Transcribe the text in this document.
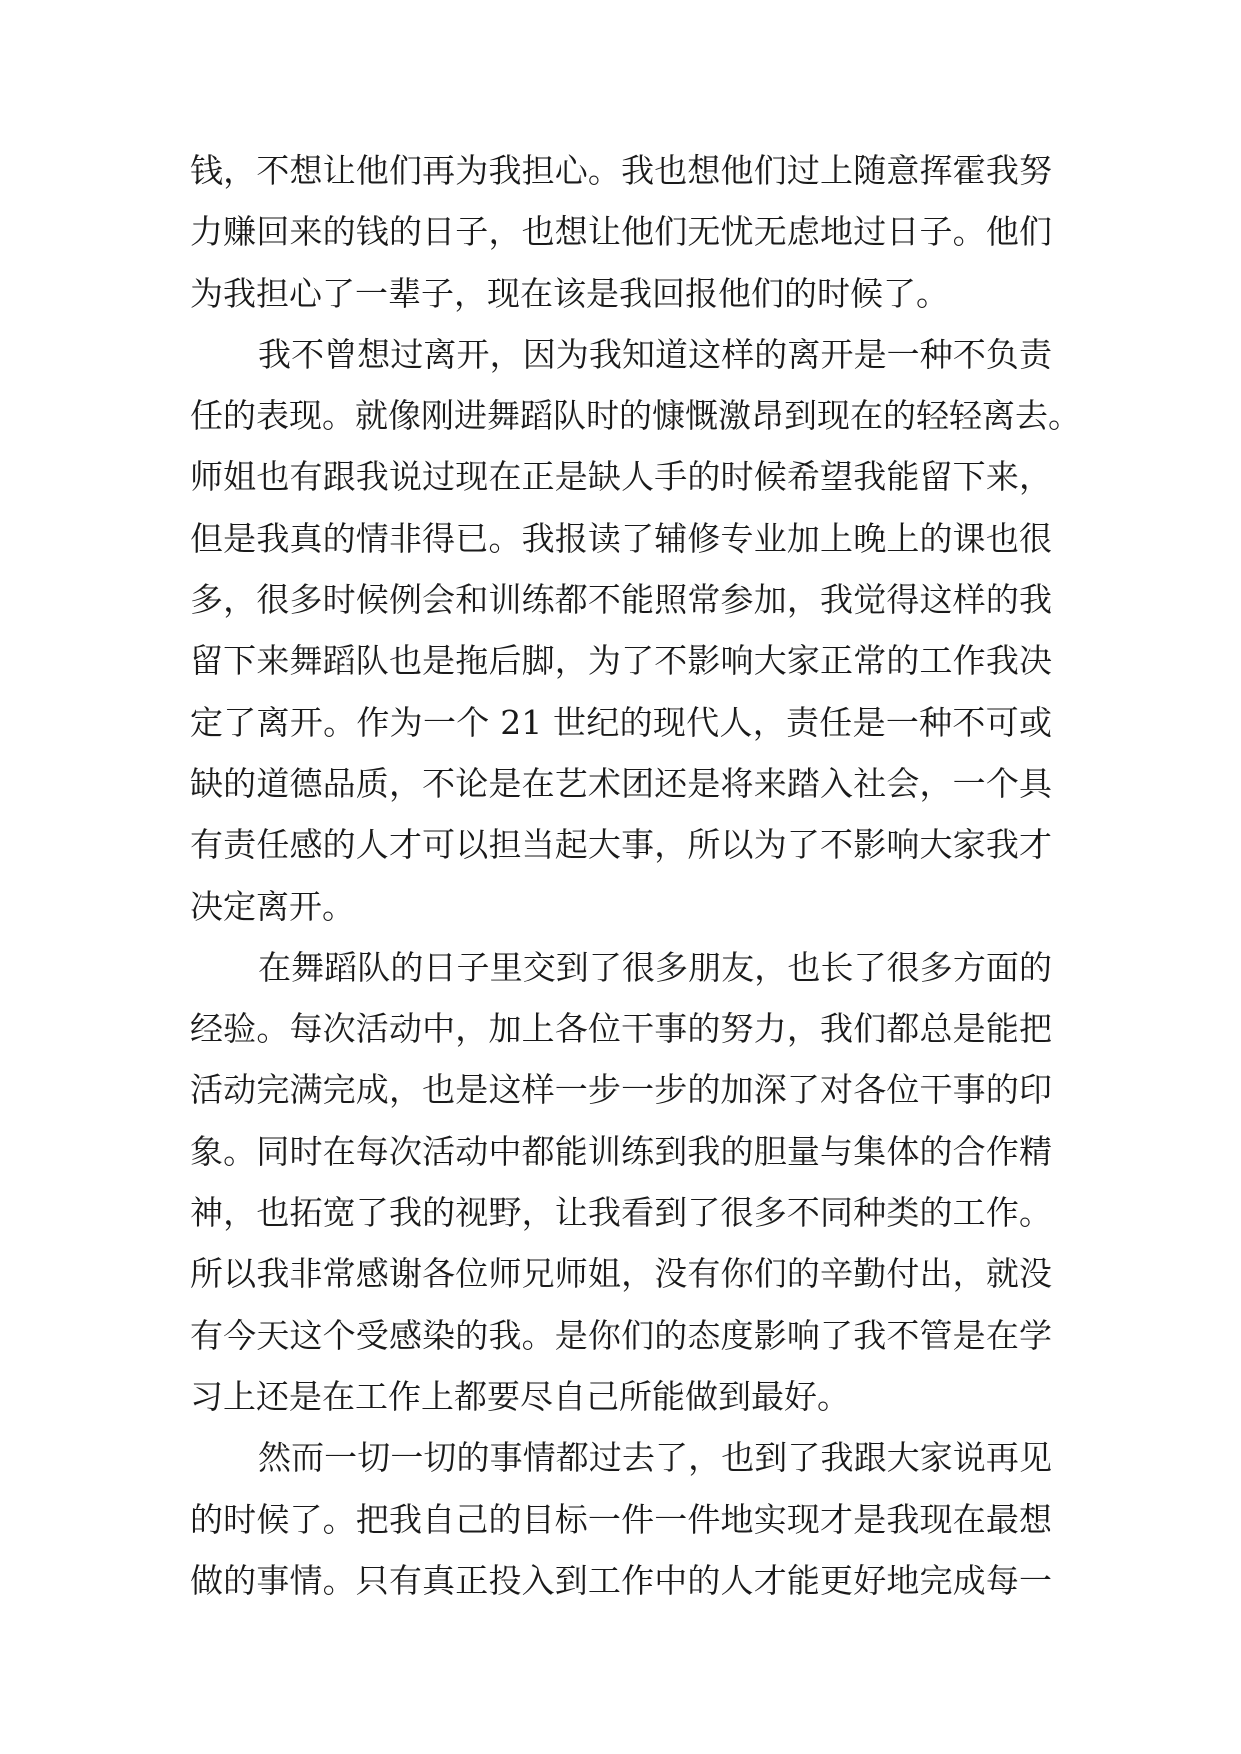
钱，不想让他们再为我担心。我也想他们过上随意挥霍我努
力赚回来的钱的日子，也想让他们无忧无虑地过日子。他们
为我担心了一辈子，现在该是我回报他们的时候了。
我不曾想过离开，因为我知道这样的离开是一种不负责
任的表现。就像刚进舞蹈队时的慷慨激昂到现在的轻轻离去。
师姐也有跟我说过现在正是缺人手的时候希望我能留下来，
但是我真的情非得已。我报读了辅修专业加上晚上的课也很
多，很多时候例会和训练都不能照常参加，我觉得这样的我
留下来舞蹈队也是拖后脚，为了不影响大家正常的工作我决
定了离开。作为一个 21 世纪的现代人，责任是一种不可或
缺的道德品质，不论是在艺术团还是将来踏入社会，一个具
有责任感的人才可以担当起大事，所以为了不影响大家我才
决定离开。
在舞蹈队的日子里交到了很多朋友，也长了很多方面的
经验。每次活动中，加上各位干事的努力，我们都总是能把
活动完满完成，也是这样一步一步的加深了对各位干事的印
象。同时在每次活动中都能训练到我的胆量与集体的合作精
神，也拓宽了我的视野，让我看到了很多不同种类的工作。
所以我非常感谢各位师兄师姐，没有你们的辛勤付出，就没
有今天这个受感染的我。是你们的态度影响了我不管是在学
习上还是在工作上都要尽自己所能做到最好。
然而一切一切的事情都过去了，也到了我跟大家说再见
的时候了。把我自己的目标一件一件地实现才是我现在最想
做的事情。只有真正投入到工作中的人才能更好地完成每一
